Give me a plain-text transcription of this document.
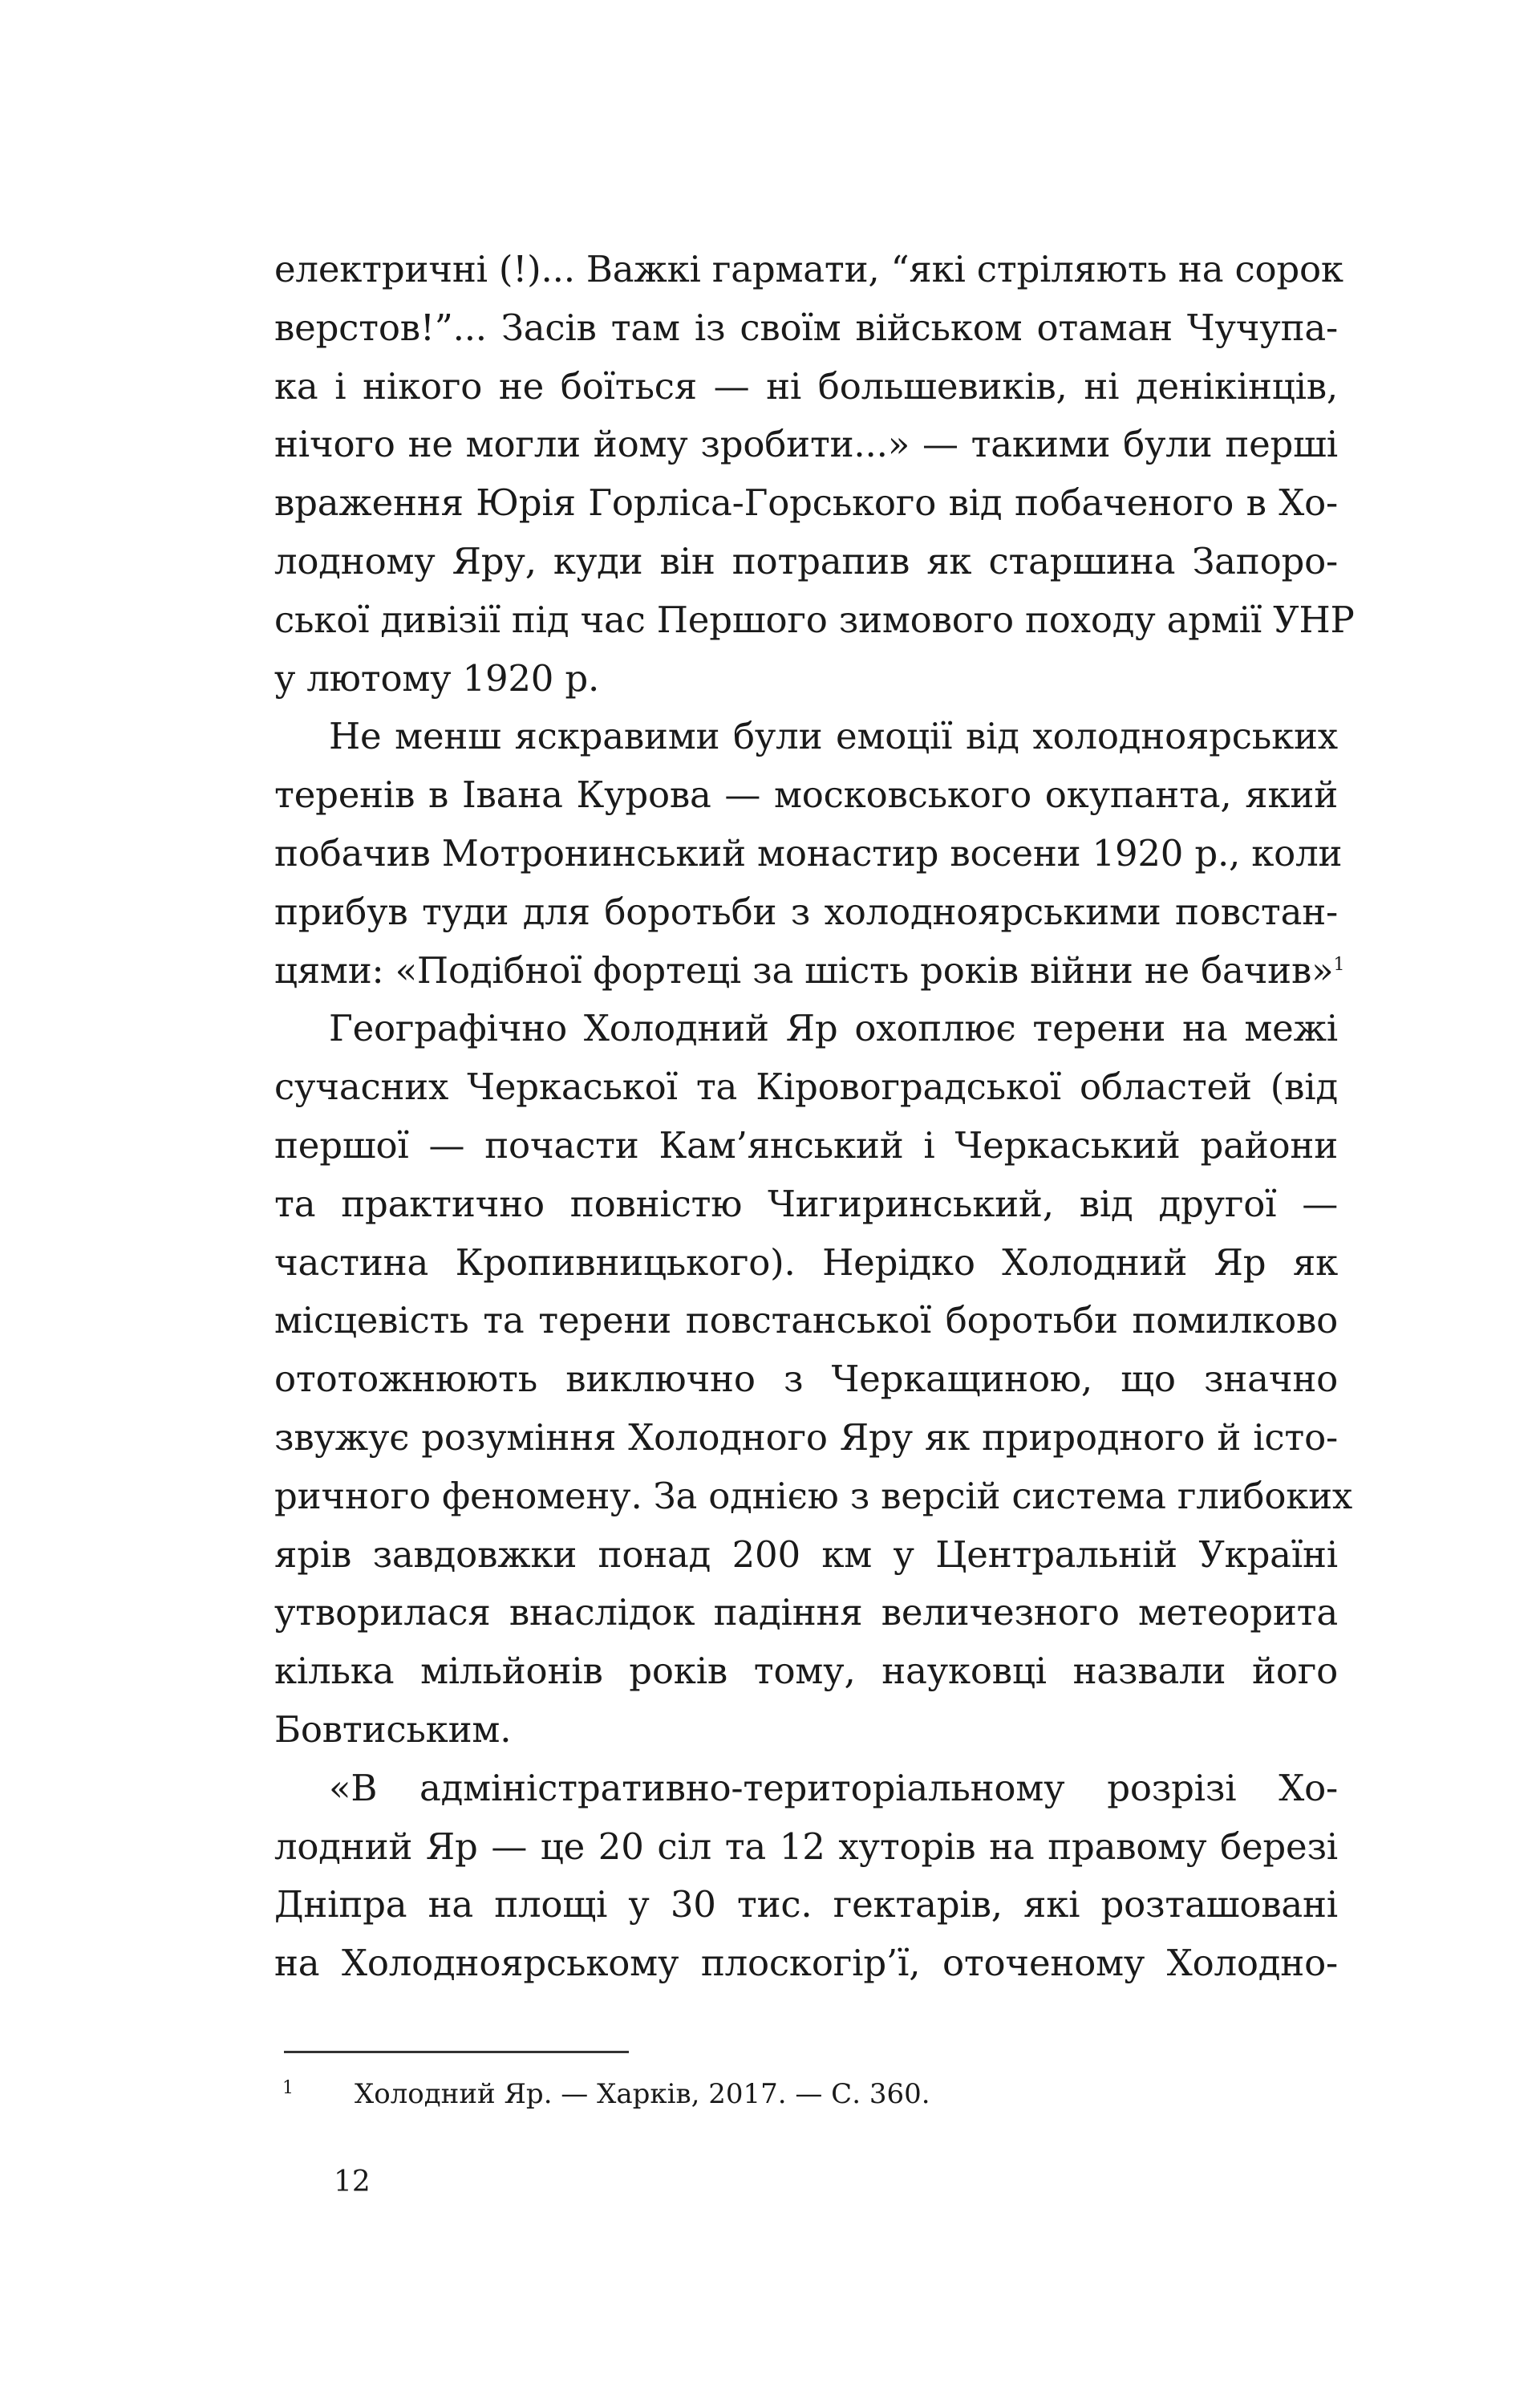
електричні (!)... Важкі гармати, “які стріляють на сорок
верстов!”... Засів там із своїм військом отаман Чучупа-
ка і нікого не боїться — ні большевиків, ні денікінців,
нічого не могли йому зробити...» — такими були перші
враження Юрія Горліса-Горського від побаченого в Хо-
лодному Яру, куди він потрапив як старшина Запоро-
ської дивізії під час Першого зимового походу армії УНР
у лютому 1920 р.
Не менш яскравими були емоції від холодноярських
теренів в Івана Курова — московського окупанта, який
побачив Мотронинський монастир восени 1920 р., коли
прибув туди для боротьби з холодноярськими повстан-
цями: «Подібної фортеці за шість років війни не бачив»$^1$
Географічно Холодний Яр охоплює терени на межі
сучасних Черкаської та Кіровоградської областей (від
першої — почасти Кам’янський і Черкаський райони
та практично повністю Чигиринський, від другої —
частина Кропивницького). Нерідко Холодний Яр як
місцевість та терени повстанської боротьби помилково
ототожнюють виключно з Черкащиною, що значно
звужує розуміння Холодного Яру як природного й істо-
ричного феномену. За однією з версій система глибоких
ярів завдовжки понад 200 км у Центральній Україні
утворилася внаслідок падіння величезного метеорита
кілька мільйонів років тому, науковці назвали його
Бовтиським.
«В адміністративно-територіальному розрізі Хо-
лодний Яр — це 20 сіл та 12 хуторів на правому березі
Дніпра на площі у 30 тис. гектарів, які розташовані
на Холодноярському плоскогір’ї, оточеному Холодно-
1 Холодний Яр. — Харків, 2017. — С. 360.
12
